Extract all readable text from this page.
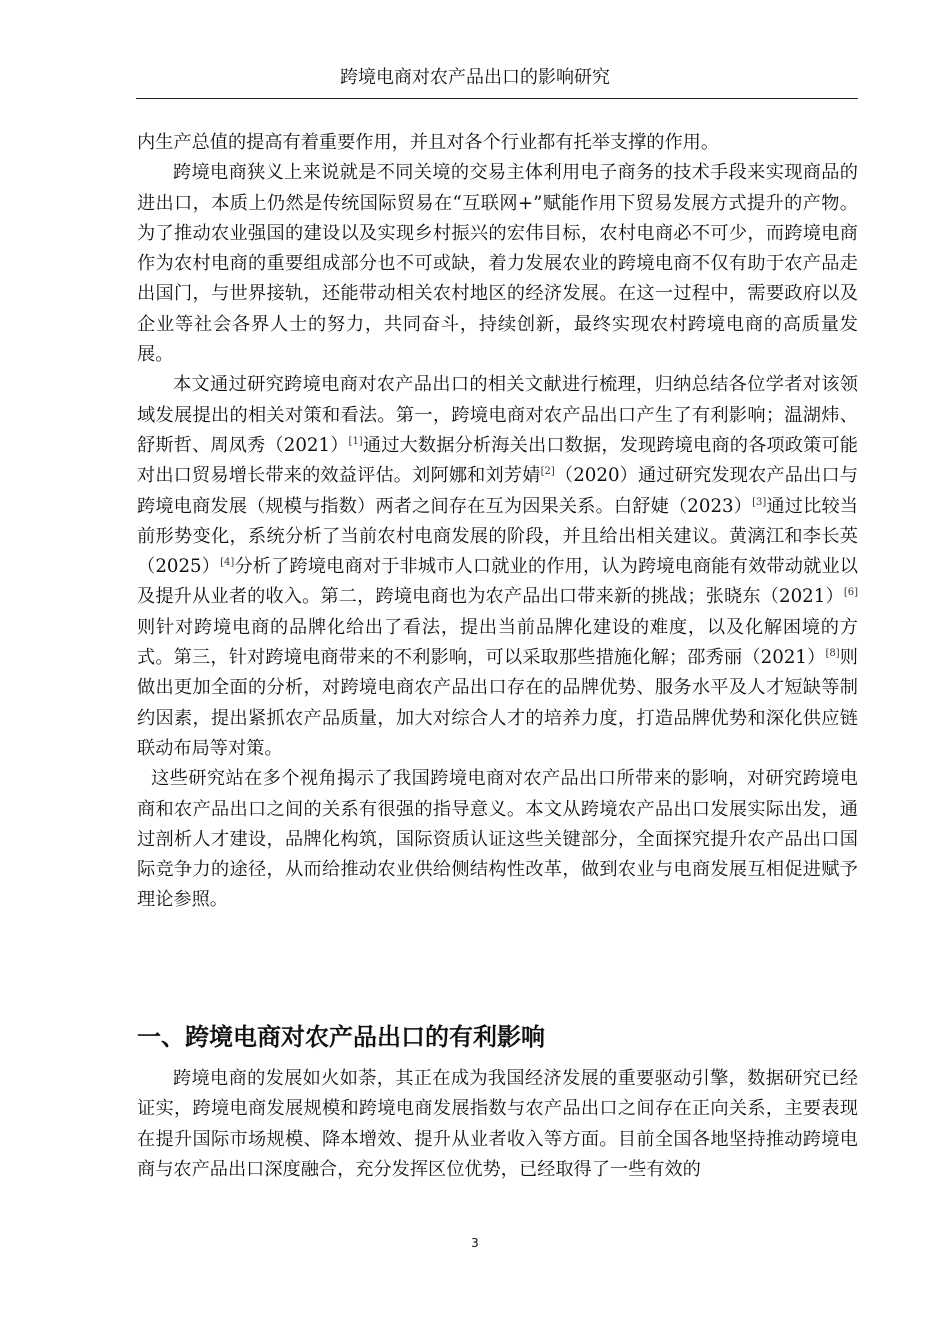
跨境电商对农产品出口的影响研究

内生产总值的提高有着重要作用，并且对各个行业都有托举支撑的作用。

跨境电商狭义上来说就是不同关境的交易主体利用电子商务的技术手段来实现商品的进出口，本质上仍然是传统国际贸易在“互联网+”赋能作用下贸易发展方式提升的产物。为了推动农业强国的建设以及实现乡村振兴的宏伟目标，农村电商必不可少，而跨境电商作为农村电商的重要组成部分也不可或缺，着力发展农业的跨境电商不仅有助于农产品走出国门，与世界接轨，还能带动相关农村地区的经济发展。在这一过程中，需要政府以及企业等社会各界人士的努力，共同奋斗，持续创新，最终实现农村跨境电商的高质量发展。

本文通过研究跨境电商对农产品出口的相关文献进行梳理，归纳总结各位学者对该领域发展提出的相关对策和看法。第一，跨境电商对农产品出口产生了有利影响；温湖炜、舒斯哲、周凤秀（2021）[1]通过大数据分析海关出口数据，发现跨境电商的各项政策可能对出口贸易增长带来的效益评估。刘阿娜和刘芳婧[2]（2020）通过研究发现农产品出口与跨境电商发展（规模与指数）两者之间存在互为因果关系。白舒婕（2023）[3]通过比较当前形势变化，系统分析了当前农村电商发展的阶段，并且给出相关建议。黄漓江和李长英（2025）[4]分析了跨境电商对于非城市人口就业的作用，认为跨境电商能有效带动就业以及提升从业者的收入。第二，跨境电商也为农产品出口带来新的挑战；张晓东（2021）[6]则针对跨境电商的品牌化给出了看法，提出当前品牌化建设的难度，以及化解困境的方式。第三，针对跨境电商带来的不利影响，可以采取那些措施化解；邵秀丽（2021）[8]则做出更加全面的分析，对跨境电商农产品出口存在的品牌优势、服务水平及人才短缺等制约因素，提出紧抓农产品质量，加大对综合人才的培养力度，打造品牌优势和深化供应链联动布局等对策。

这些研究站在多个视角揭示了我国跨境电商对农产品出口所带来的影响，对研究跨境电商和农产品出口之间的关系有很强的指导意义。本文从跨境农产品出口发展实际出发，通过剖析人才建设，品牌化构筑，国际资质认证这些关键部分，全面探究提升农产品出口国际竞争力的途径，从而给推动农业供给侧结构性改革，做到农业与电商发展互相促进赋予理论参照。

一、跨境电商对农产品出口的有利影响

跨境电商的发展如火如荼，其正在成为我国经济发展的重要驱动引擎，数据研究已经证实，跨境电商发展规模和跨境电商发展指数与农产品出口之间存在正向关系，主要表现在提升国际市场规模、降本增效、提升从业者收入等方面。目前全国各地坚持推动跨境电商与农产品出口深度融合，充分发挥区位优势，已经取得了一些有效的

3
